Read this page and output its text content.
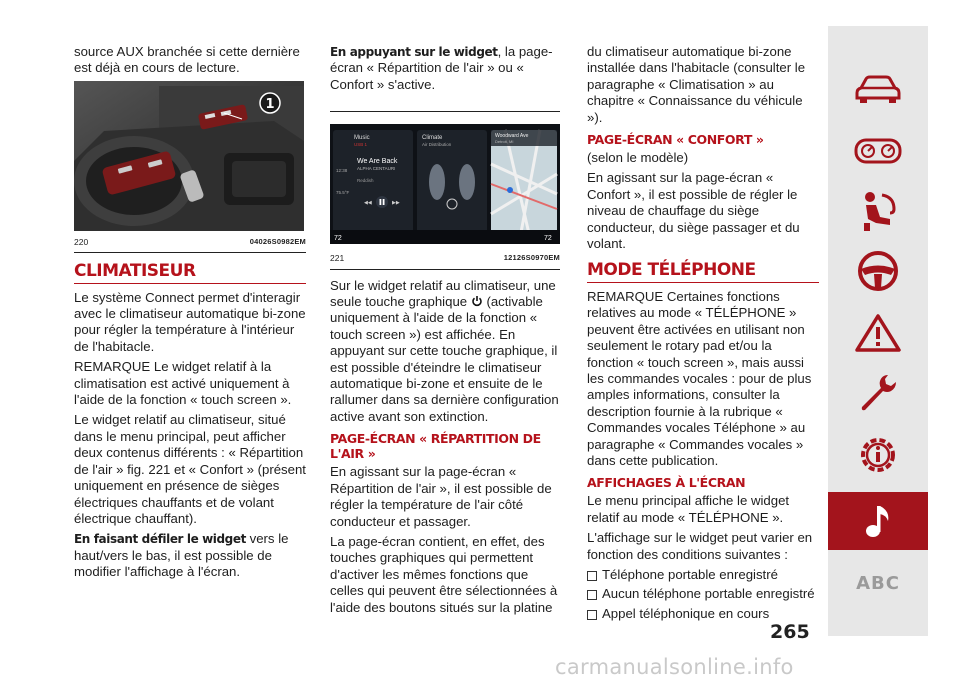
source AUX branchée si cette dernière est déjà en cours de lecture.

1
220	04026S0982EM
CLIMATISEUR

Le système Connect permet d'interagir avec le climatiseur automatique bi-zone pour régler la température à l'intérieur de l'habitacle.

REMARQUE Le widget relatif à la climatisation est activé uniquement à l'aide de la fonction « touch screen ».

Le widget relatif au climatiseur, situé dans le menu principal, peut afficher deux contenus différents : « Répartition de l'air » fig. 221 et « Confort » (présent uniquement en présence de sièges électriques chauffants et de volant électrique chauffant).

En faisant défiler le widget vers le haut/vers le bas, il est possible de modifier l'affichage à l'écran.

En appuyant sur le widget, la page-écran « Répartition de l'air » ou « Confort » s'active.

Music
USB 1
12:38
75.5°F
We Are Back
ALPHA CENTAURI
Reddish
◀◀	▶▶
Climate
Air Distribution
Woodward Ave
Detroit, MI
72	72
221	12126S0970EM

Sur le widget relatif au climatiseur, une seule touche graphique  (activable uniquement à l'aide de la fonction « touch screen ») est affichée. En appuyant sur cette touche graphique, il est possible d'éteindre le climatiseur automatique bi-zone et ensuite de le rallumer dans sa dernière configuration active avant son extinction.

PAGE-ÉCRAN « RÉPARTITION DE L'AIR »

En agissant sur la page-écran « Répartition de l'air », il est possible de régler la température de l'air côté conducteur et passager.

La page-écran contient, en effet, des touches graphiques qui permettent d'activer les mêmes fonctions que celles qui peuvent être sélectionnées à l'aide des boutons situés sur la platine

du climatiseur automatique bi-zone installée dans l'habitacle (consulter le paragraphe « Climatisation » au chapitre « Connaissance du véhicule »).

PAGE-ÉCRAN « CONFORT »

(selon le modèle)

En agissant sur la page-écran « Confort », il est possible de régler le niveau de chauffage du siège conducteur, du siège passager et du volant.

MODE TÉLÉPHONE

REMARQUE Certaines fonctions relatives au mode « TÉLÉPHONE » peuvent être activées en utilisant non seulement le rotary pad et/ou la fonction « touch screen », mais aussi les commandes vocales : pour de plus amples informations, consulter la description fournie à la rubrique « Commandes vocales Téléphone » au paragraphe « Commandes vocales » dans cette publication.

AFFICHAGES À L'ÉCRAN

Le menu principal affiche le widget relatif au mode « TÉLÉPHONE ».

L'affichage sur le widget peut varier en fonction des conditions suivantes :

Téléphone portable enregistré
Aucun téléphone portable enregistré
Appel téléphonique en cours
ABC
265
carmanualsonline.info
